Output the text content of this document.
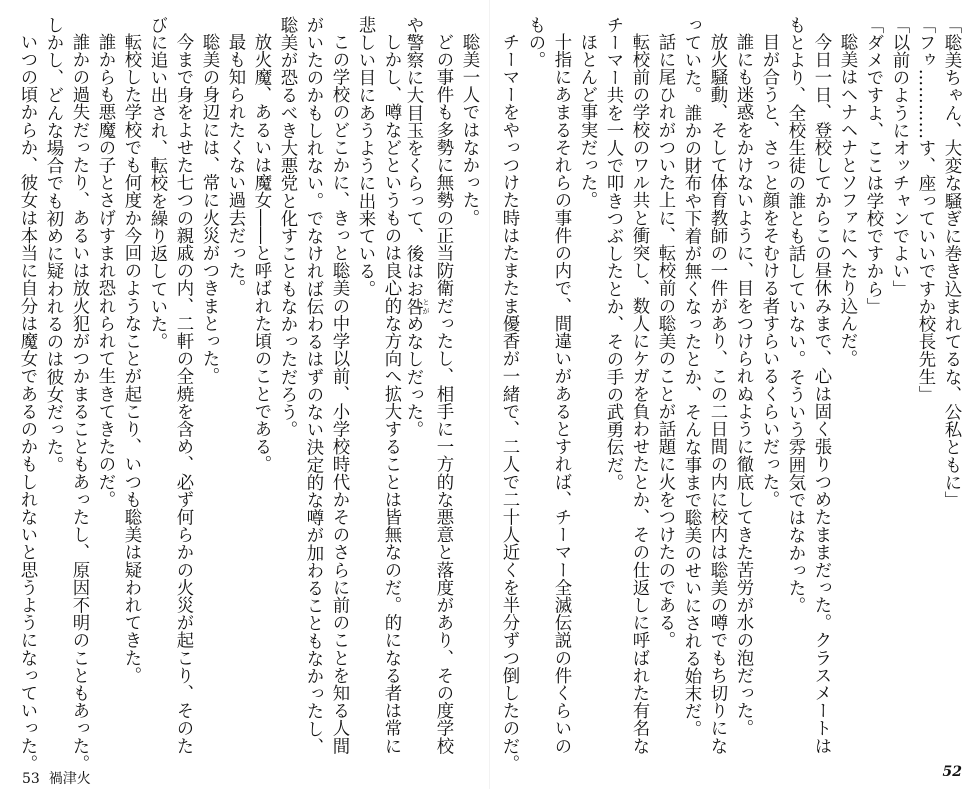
「聡美ちゃん、大変な騒ぎに巻き込まれてるな、公私ともに」

「フゥ…………す、座っていいですか校長先生」

「以前のようにオッチャンでよい」

「ダメですよ、ここは学校ですから」

聡美はヘナヘナとソファにへたり込んだ。

今日一日、登校してからこの昼休みまで、心は固く張りつめたままだった。クラスメートは

もとより、全校生徒の誰とも話していない。そういう雰囲気ではなかった。

目が合うと、さっと顔をそむける者すらいるくらいだった。

誰にも迷惑をかけないように、目をつけられぬように徹底してきた苦労が水の泡だった。

放火騒動、そして体育教師の一件があり、この二日間の内に校内は聡美の噂でもち切りにな

っていた。誰かの財布や下着が無くなったとか、そんな事まで聡美のせいにされる始末だ。

話に尾ひれがついた上に、転校前の聡美のことが話題に火をつけたのである。

転校前の学校のワル共と衝突し、数人にケガを負わせたとか、その仕返しに呼ばれた有名な

チーマー共を一人で叩きつぶしたとか、その手の武勇伝だ。

ほとんど事実だった。

十指にあまるそれらの事件の内で、間違いがあるとすれば、チーマー全滅伝説の件くらいの

もの。

チーマーをやっつけた時はたまたま優香が一緒で、二人で二十人近くを半分ずつ倒したのだ。

聡美一人ではなかった。

どの事件も多勢に無勢の正当防衛だったし、相手に一方的な悪意と落度があり、その度学校

や警察に大目玉をくらって、後はお咎 とがめなしだった。

しかし、噂などというものは良心的な方向へ拡大することは皆無なのだ。的になる者は常に

悲しい目にあうように出来ている。

この学校のどこかに、きっと聡美の中学以前、小学校時代かそのさらに前のことを知る人間

がいたのかもしれない。でなければ伝わるはずのない決定的な噂が加わることもなかったし、

聡美が恐るべき大悪党と化すこともなかっただろう。

放火魔、あるいは魔女――と呼ばれた頃のことである。

最も知られたくない過去だった。

聡美の身辺には、常に火災がつきまとった。

今まで身をよせた七つの親戚の内、二軒の全焼を含め、必ず何らかの火災が起こり、そのた

びに追い出され、転校を繰り返していた。

転校した学校でも何度か今回のようなことが起こり、いつも聡美は疑われてきた。

誰からも悪魔の子とさげすまれ恐れられて生きてきたのだ。

誰かの過失だったり、あるいは放火犯がつかまることもあったし、原因不明のこともあった。

しかし、どんな場合でも初めに疑われるのは彼女だった。

いつの頃からか、彼女は本当に自分は魔女であるのかもしれないと思うようになっていった。

53 禍津火	52
